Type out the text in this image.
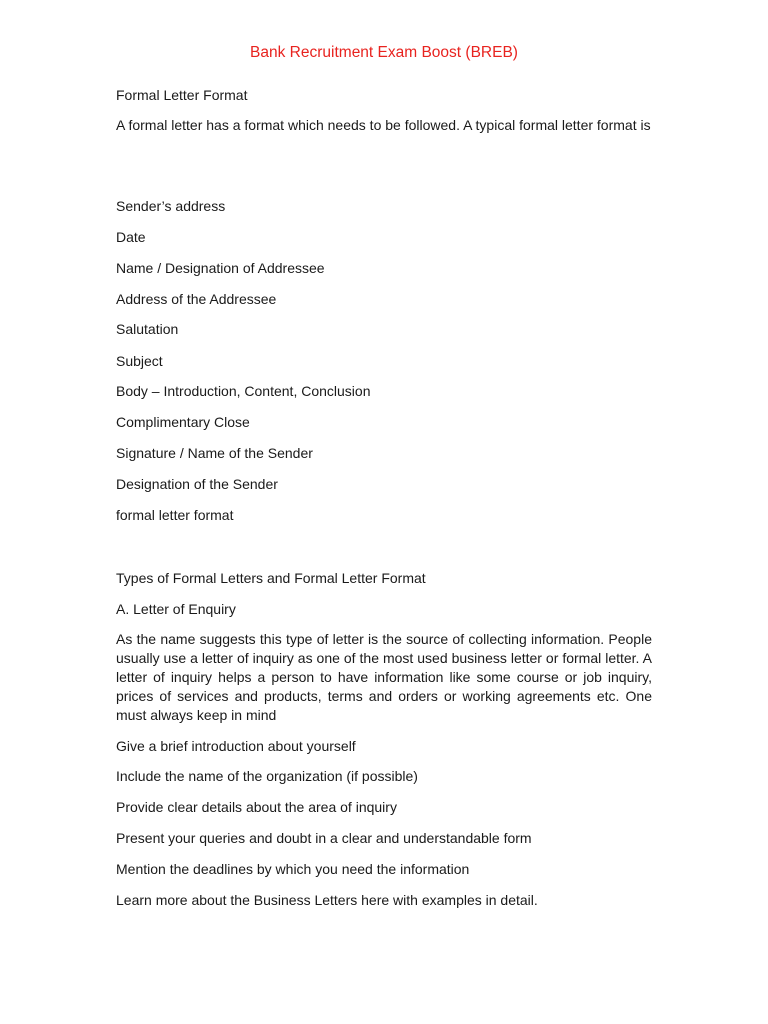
Bank Recruitment Exam Boost (BREB)
Formal Letter Format
A formal letter has a format which needs to be followed. A typical formal letter format is
Sender’s address
Date
Name / Designation of Addressee
Address of the Addressee
Salutation
Subject
Body – Introduction, Content, Conclusion
Complimentary Close
Signature / Name of the Sender
Designation of the Sender
formal letter format
Types of Formal Letters and Formal Letter Format
A. Letter of Enquiry
As the name suggests this type of letter is the source of collecting information. People usually use a letter of inquiry as one of the most used business letter or formal letter. A letter of inquiry helps a person to have information like some course or job inquiry, prices of services and products, terms and orders or working agreements etc. One must always keep in mind
Give a brief introduction about yourself
Include the name of the organization (if possible)
Provide clear details about the area of inquiry
Present your queries and doubt in a clear and understandable form
Mention the deadlines by which you need the information
Learn more about the Business Letters here with examples in detail.
